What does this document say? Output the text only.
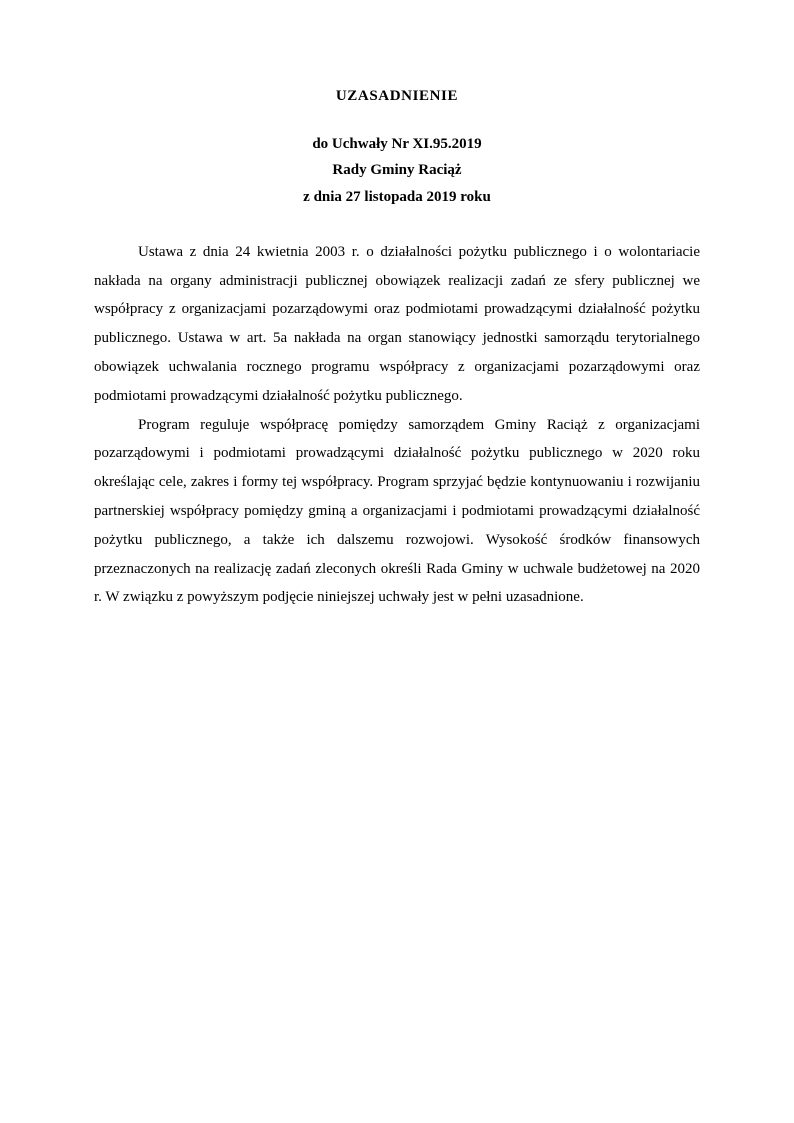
UZASADNIENIE
do Uchwały Nr XI.95.2019
Rady Gminy Raciąż
z dnia 27 listopada 2019 roku

Ustawa z dnia 24 kwietnia 2003 r. o działalności pożytku publicznego i o wolontariacie nakłada na organy administracji publicznej obowiązek realizacji zadań ze sfery publicznej we współpracy z organizacjami pozarządowymi oraz podmiotami prowadzącymi działalność pożytku publicznego. Ustawa w art. 5a nakłada na organ stanowiący jednostki samorządu terytorialnego obowiązek uchwalania rocznego programu współpracy z organizacjami pozarządowymi oraz podmiotami prowadzącymi działalność pożytku publicznego.

Program reguluje współpracę pomiędzy samorządem Gminy Raciąż z organizacjami pozarządowymi i podmiotami prowadzącymi działalność pożytku publicznego w 2020 roku określając cele, zakres i formy tej współpracy. Program sprzyjać będzie kontynuowaniu i rozwijaniu partnerskiej współpracy pomiędzy gminą a organizacjami i podmiotami prowadzącymi działalność pożytku publicznego, a także ich dalszemu rozwojowi. Wysokość środków finansowych przeznaczonych na realizację zadań zleconych określi Rada Gminy w uchwale budżetowej na 2020 r. W związku z powyższym podjęcie niniejszej uchwały jest w pełni uzasadnione.
